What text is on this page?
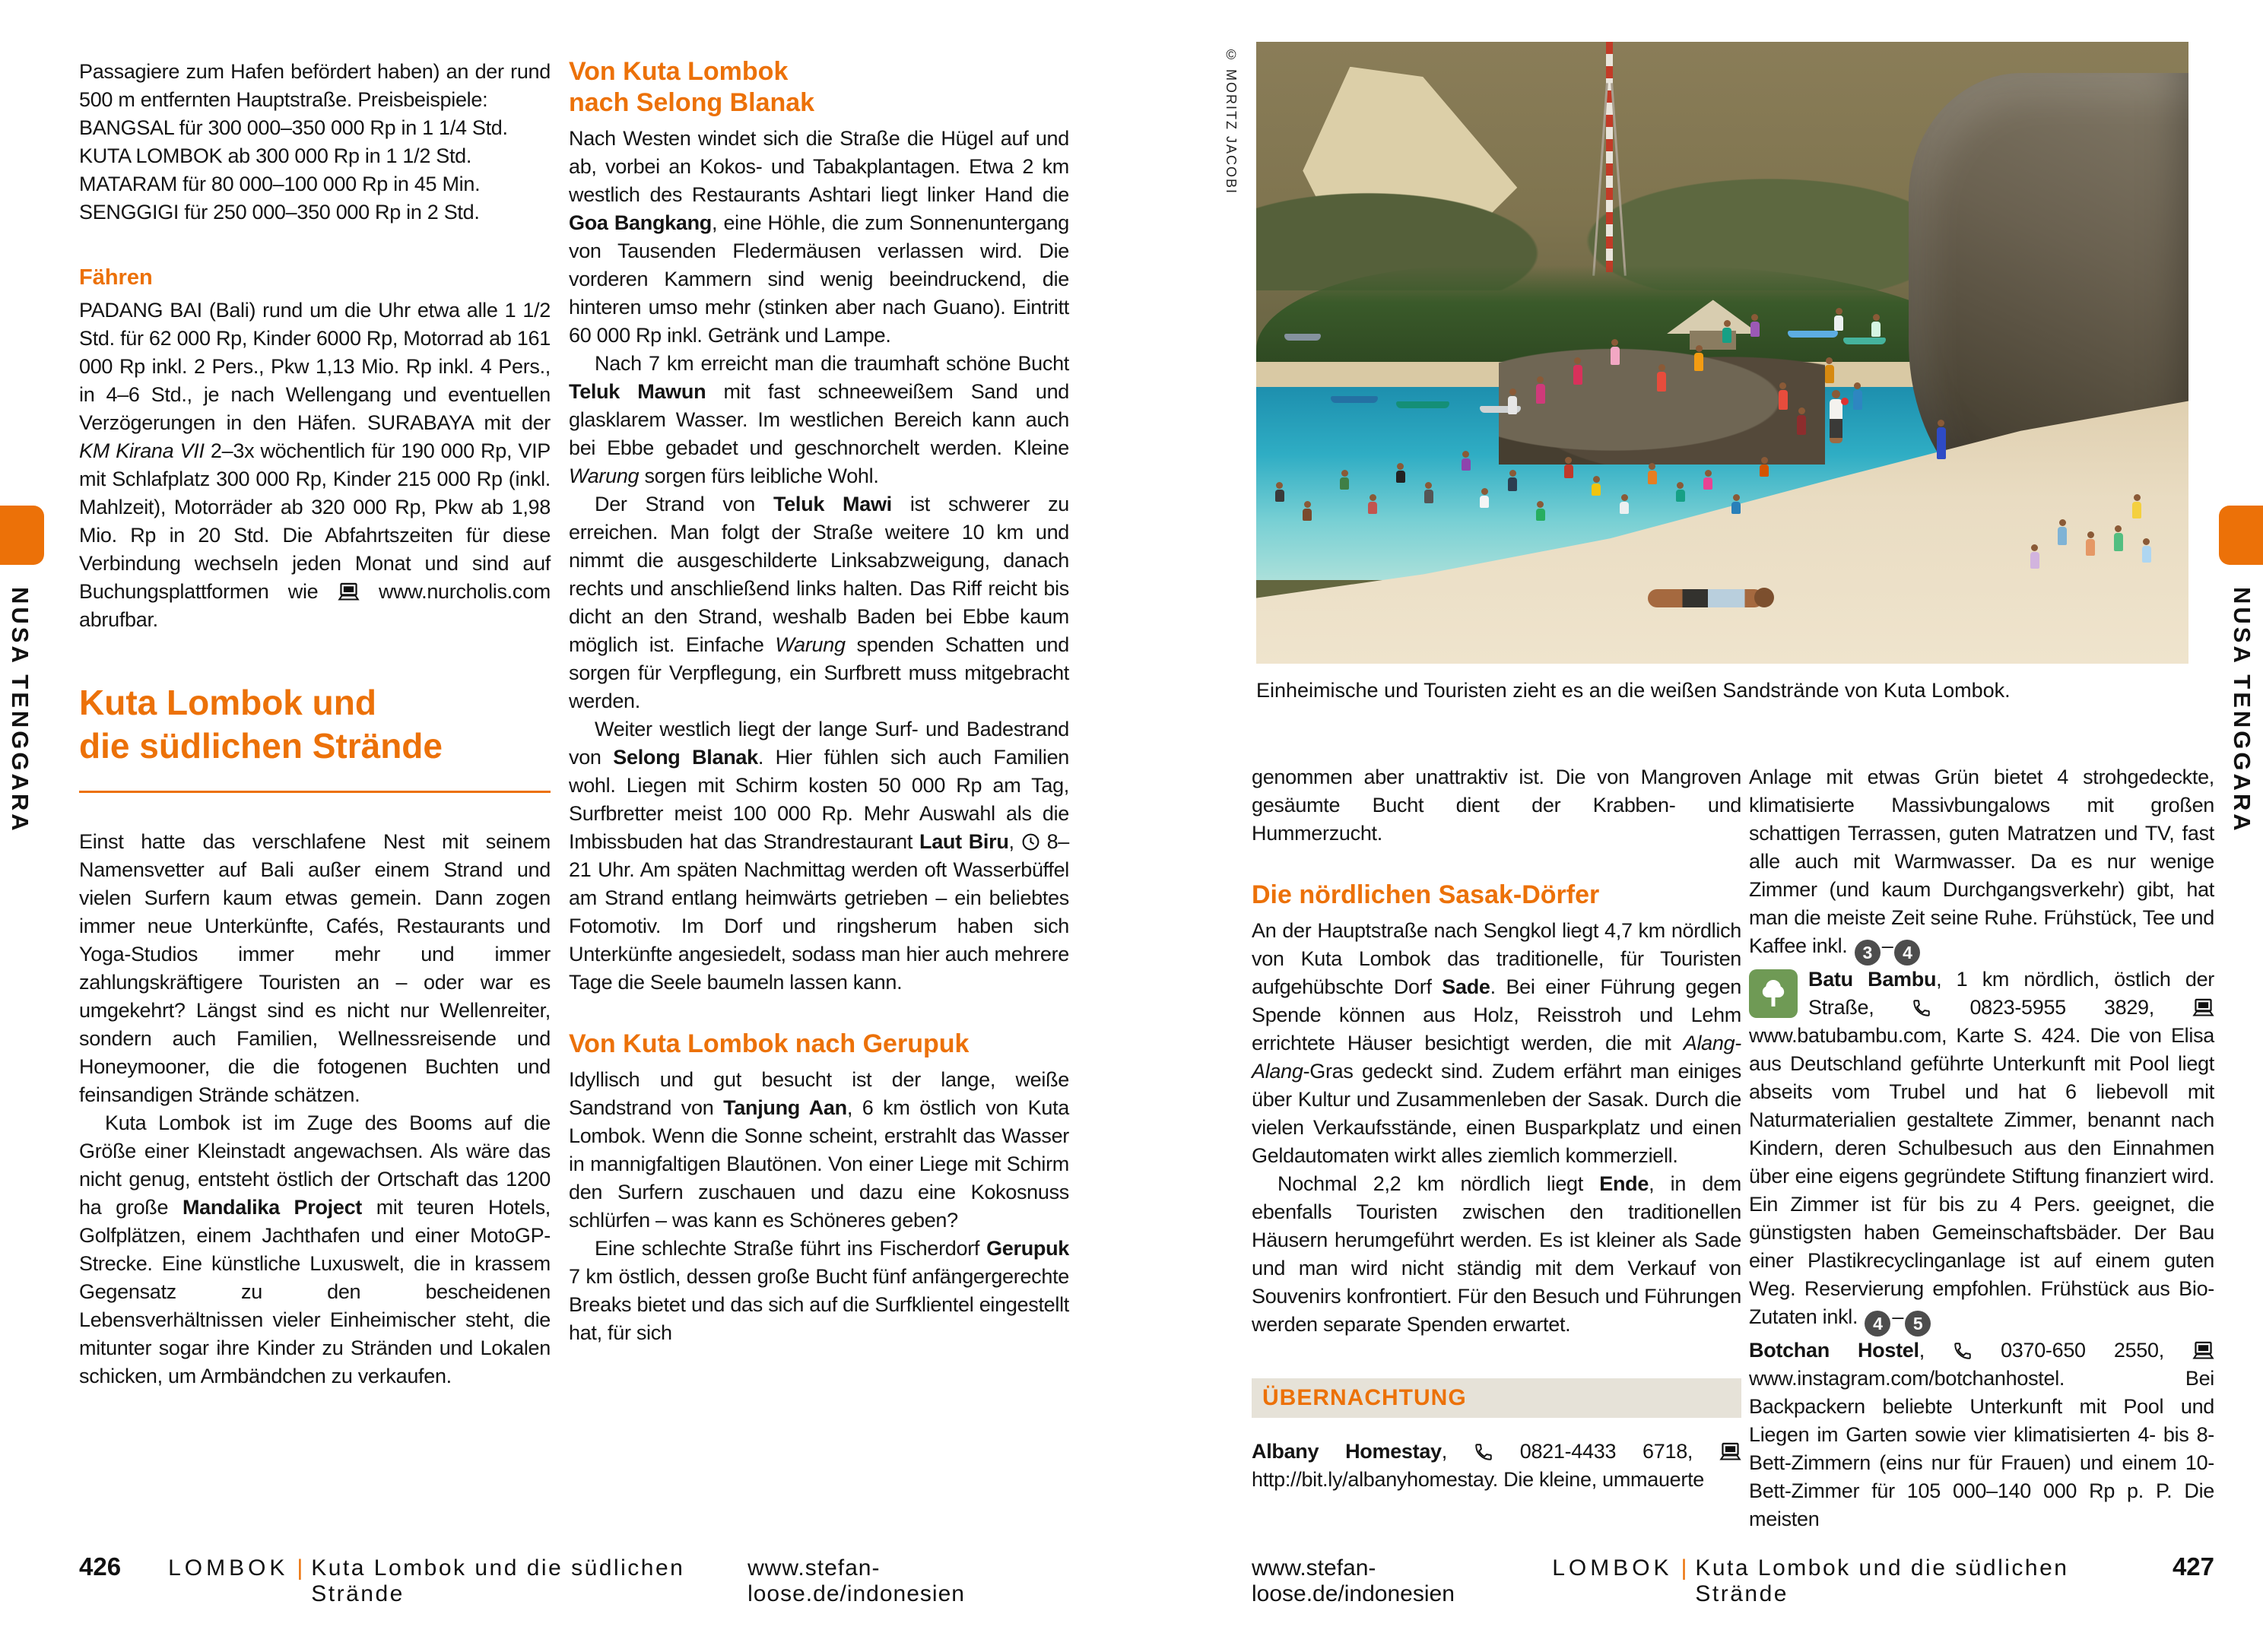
NUSA TENGGARA	NUSA TENGGARA

Passagiere zum Hafen befördert haben) an der rund 500 m entfernten Hauptstraße. Preisbeispiele:

BANGSAL für 300 000–350 000 Rp in 1 1/4 Std.
KUTA LOMBOK ab 300 000 Rp in 1 1/2 Std.
MATARAM für 80 000–100 000 Rp in 45 Min.
SENGGIGI für 250 000–350 000 Rp in 2 Std.
Fähren

PADANG BAI (Bali) rund um die Uhr etwa alle 1 1/2 Std. für 62 000 Rp, Kinder 6000 Rp, Motorrad ab 161 000 Rp inkl. 2 Pers., Pkw 1,13 Mio. Rp inkl. 4 Pers., in 4–6 Std., je nach Wellengang und eventuellen Verzögerungen in den Häfen. SURABAYA mit der KM Kirana VII 2–3x wöchentlich für 190 000 Rp, VIP mit Schlafplatz 300 000 Rp, Kinder 215 000 Rp (inkl. Mahlzeit), Motorräder ab 320 000 Rp, Pkw ab 1,98 Mio. Rp in 20 Std. Die Abfahrtszeiten für diese Verbindung wechseln jeden Monat und sind auf Buchungsplattformen wie
www.nurcholis.com abrufbar.

Kuta Lombok und
die südlichen Strände

Einst hatte das verschlafene Nest mit seinem Namensvetter auf Bali außer einem Strand und vielen Surfern kaum etwas gemein. Dann zogen immer neue Unterkünfte, Cafés, Restaurants und Yoga-Studios immer mehr und immer zahlungskräftigere Touristen an – oder war es umgekehrt? Längst sind es nicht nur Wellenreiter, sondern auch Familien, Wellnessreisende und Honeymooner, die die fotogenen Buchten und feinsandigen Strände schätzen.

Kuta Lombok ist im Zuge des Booms auf die Größe einer Kleinstadt angewachsen. Als wäre das nicht genug, entsteht östlich der Ortschaft das 1200 ha große Mandalika Project mit teuren Hotels, Golfplätzen, einem Jachthafen und einer MotoGP-Strecke. Eine künstliche Luxuswelt, die in krassem Gegensatz zu den bescheidenen Lebensverhältnissen vieler Einheimischer steht, die mitunter sogar ihre Kinder zu Stränden und Lokalen schicken, um Armbändchen zu verkaufen.

Von Kuta Lombok
nach Selong Blanak

Nach Westen windet sich die Straße die Hügel auf und ab, vorbei an Kokos- und Tabakplantagen. Etwa 2 km westlich des Restaurants Ashtari liegt linker Hand die Goa Bangkang, eine Höhle, die zum Sonnenuntergang von Tausenden Fledermäusen verlassen wird. Die vorderen Kammern sind wenig beeindruckend, die hinteren umso mehr (stinken aber nach Guano). Eintritt 60 000 Rp inkl. Getränk und Lampe.

Nach 7 km erreicht man die traumhaft schöne Bucht Teluk Mawun mit fast schneeweißem Sand und glasklarem Wasser. Im westlichen Bereich kann auch bei Ebbe gebadet und geschnorchelt werden. Kleine Warung sorgen fürs leibliche Wohl.

Der Strand von Teluk Mawi ist schwerer zu erreichen. Man folgt der Straße weitere 10 km und nimmt die ausgeschilderte Linksabzweigung, danach rechts und anschließend links halten. Das Riff reicht bis dicht an den Strand, weshalb Baden bei Ebbe kaum möglich ist. Einfache Warung spenden Schatten und sorgen für Verpflegung, ein Surfbrett muss mitgebracht werden.

Weiter westlich liegt der lange Surf- und Badestrand von Selong Blanak. Hier fühlen sich auch Familien wohl. Liegen mit Schirm kosten 50 000 Rp am Tag, Surfbretter meist 100 000 Rp. Mehr Auswahl als die Imbissbuden hat das Strandrestaurant Laut Biru,
8–21 Uhr. Am späten Nachmittag werden oft Wasserbüffel am Strand entlang heimwärts getrieben – ein beliebtes Fotomotiv. Im Dorf und ringsherum haben sich Unterkünfte angesiedelt, sodass man hier auch mehrere Tage die Seele baumeln lassen kann.

Von Kuta Lombok nach Gerupuk

Idyllisch und gut besucht ist der lange, weiße Sandstrand von Tanjung Aan, 6 km östlich von Kuta Lombok. Wenn die Sonne scheint, erstrahlt das Wasser in mannigfaltigen Blautönen. Von einer Liege mit Schirm den Surfern zuschauen und dazu eine Kokosnuss schlürfen – was kann es Schöneres geben?

Eine schlechte Straße führt ins Fischerdorf Gerupuk 7 km östlich, dessen große Bucht fünf anfängergerechte Breaks bietet und das sich auf die Surfklientel eingestellt hat, für sich

© MORITZ JACOBI
Einheimische und Touristen zieht es an die weißen Sandstrände von Kuta Lombok.

genommen aber unattraktiv ist. Die von Mangroven gesäumte Bucht dient der Krabben- und Hummerzucht.

Die nördlichen Sasak-Dörfer

An der Hauptstraße nach Sengkol liegt 4,7 km nördlich von Kuta Lombok das traditionelle, für Touristen aufgehübschte Dorf Sade. Bei einer Führung gegen Spende können aus Holz, Reisstroh und Lehm errichtete Häuser besichtigt werden, die mit Alang-Alang-Gras gedeckt sind. Zudem erfährt man einiges über Kultur und Zusammenleben der Sasak. Durch die vielen Verkaufsstände, einen Busparkplatz und einen Geldautomaten wirkt alles ziemlich kommerziell.

Nochmal 2,2 km nördlich liegt Ende, in dem ebenfalls Touristen zwischen den traditionellen Häusern herumgeführt werden. Es ist kleiner als Sade und man wird nicht ständig mit dem Verkauf von Souvenirs konfrontiert. Für den Besuch und Führungen werden separate Spenden erwartet.

ÜBERNACHTUNG

Albany Homestay,
0821-4433 6718,
http://bit.ly/albanyhomestay. Die kleine, ummauerte

Anlage mit etwas Grün bietet 4 strohgedeckte, klimatisierte Massivbungalows mit großen schattigen Terrassen, guten Matratzen und TV, fast alle auch mit Warmwasser. Da es nur wenige Zimmer (und kaum Durchgangsverkehr) gibt, hat man die meiste Zeit seine Ruhe. Frühstück, Tee und Kaffee inkl. 3 – 4

Batu Bambu, 1 km nördlich, östlich der Straße,
0823-5955 3829,
www.batubambu.com, Karte S. 424. Die von Elisa aus Deutschland geführte Unterkunft mit Pool liegt abseits vom Trubel und hat 6 liebevoll mit Naturmaterialien gestaltete Zimmer, benannt nach Kindern, deren Schulbesuch aus den Einnahmen über eine eigens gegründete Stiftung finanziert wird. Ein Zimmer ist für bis zu 4 Pers. geeignet, die günstigsten haben Gemeinschaftsbäder. Der Bau einer Plastikrecyclinganlage ist auf einem guten Weg. Reservierung empfohlen. Frühstück aus Bio-Zutaten inkl. 4 – 5

Botchan Hostel,
0370-650 2550,
www.instagram.com/botchanhostel. Bei Backpackern beliebte Unterkunft mit Pool und Liegen im Garten sowie vier klimatisierten 4- bis 8-Bett-Zimmern (eins nur für Frauen) und einem 10-Bett-Zimmer für 105 000–140 000 Rp p. P. Die meisten

426 LOMBOK | Kuta Lombok und die südlichen Strände
www.stefan-loose.de/indonesien
www.stefan-loose.de/indonesien
LOMBOK | Kuta Lombok und die südlichen Strände
427
